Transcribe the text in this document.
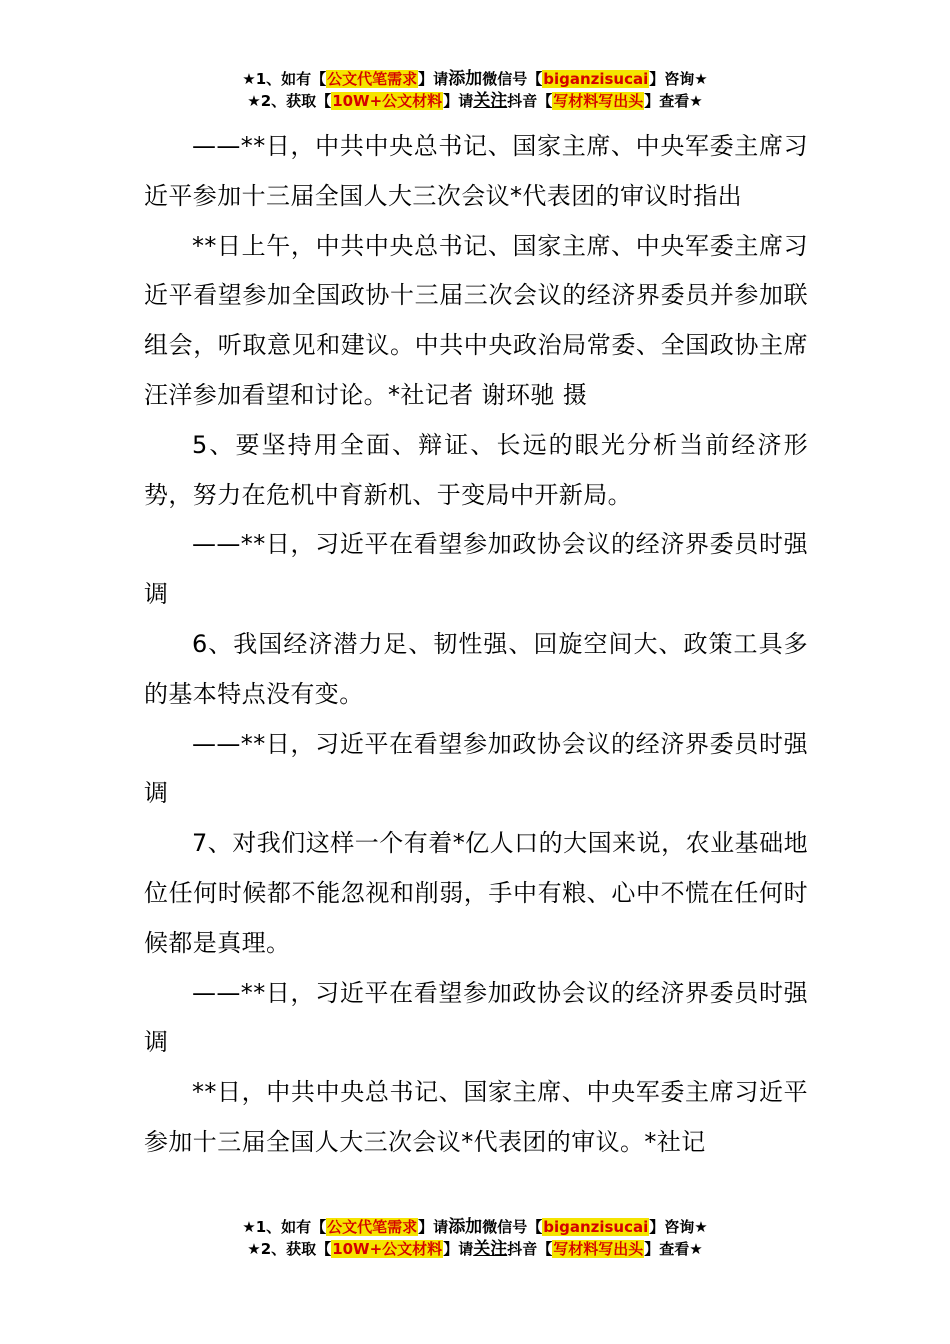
★1、如有【公文代笔需求】请添加微信号【biganzisucai】咨询★
★2、获取【10W+公文材料】请关注抖音【写材料写出头】查看★

——**日，中共中央总书记、国家主席、中央军委主席习近平参加十三届全国人大三次会议*代表团的审议时指出

**日上午，中共中央总书记、国家主席、中央军委主席习近平看望参加全国政协十三届三次会议的经济界委员并参加联组会，听取意见和建议。中共中央政治局常委、全国政协主席汪洋参加看望和讨论。*社记者 谢环驰 摄

5、要坚持用全面、辩证、长远的眼光分析当前经济形势，努力在危机中育新机、于变局中开新局。

——**日，习近平在看望参加政协会议的经济界委员时强调

6、我国经济潜力足、韧性强、回旋空间大、政策工具多的基本特点没有变。

——**日，习近平在看望参加政协会议的经济界委员时强调

7、对我们这样一个有着*亿人口的大国来说，农业基础地位任何时候都不能忽视和削弱，手中有粮、心中不慌在任何时候都是真理。

——**日，习近平在看望参加政协会议的经济界委员时强调

**日，中共中央总书记、国家主席、中央军委主席习近平参加十三届全国人大三次会议*代表团的审议。*社记

★1、如有【公文代笔需求】请添加微信号【biganzisucai】咨询★
★2、获取【10W+公文材料】请关注抖音【写材料写出头】查看★
